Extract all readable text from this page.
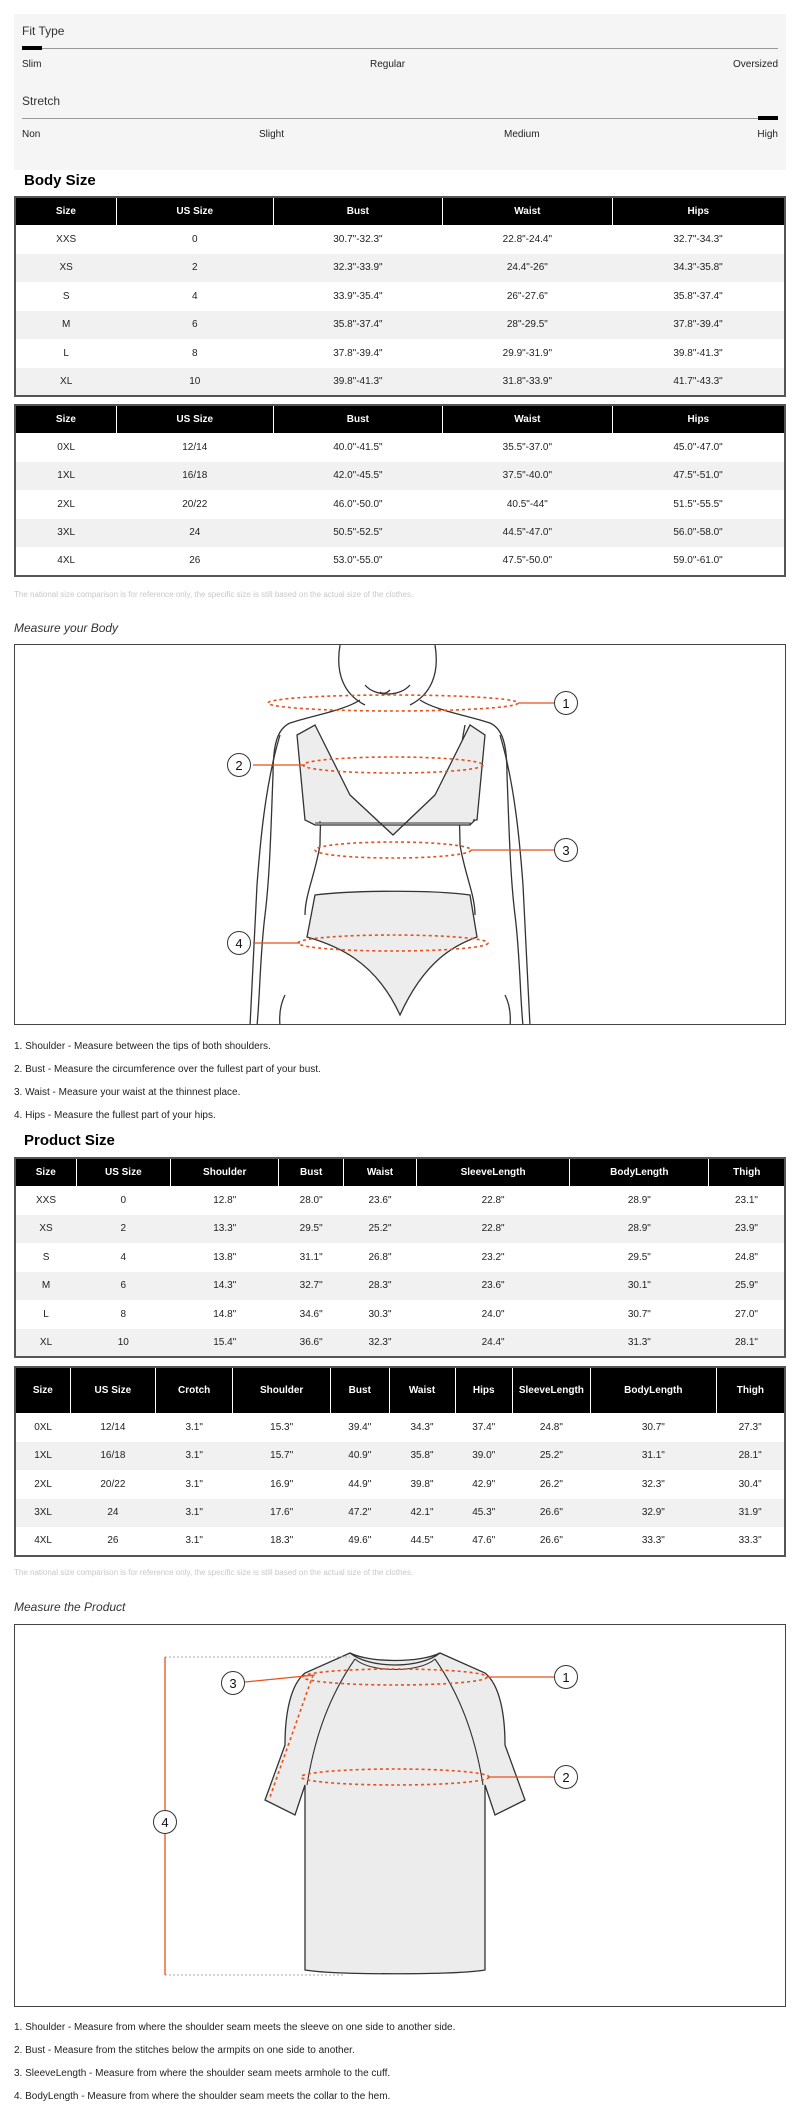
Fit Type
Slim	Regular	Oversized
Stretch
Non	Slight	Medium	High
Body Size
Size	US Size	Bust	Waist	Hips
XXS	0	30.7"-32.3"	22.8"-24.4"	32.7"-34.3"
XS	2	32.3"-33.9"	24.4"-26"	34.3"-35.8"
S	4	33.9"-35.4"	26"-27.6"	35.8"-37.4"
M	6	35.8"-37.4"	28"-29.5"	37.8"-39.4"
L	8	37.8"-39.4"	29.9"-31.9"	39.8"-41.3"
XL	10	39.8"-41.3"	31.8"-33.9"	41.7"-43.3"
Size	US Size	Bust	Waist	Hips
0XL	12/14	40.0"-41.5"	35.5"-37.0"	45.0"-47.0"
1XL	16/18	42.0"-45.5"	37.5"-40.0"	47.5"-51.0"
2XL	20/22	46.0"-50.0"	40.5"-44"	51.5"-55.5"
3XL	24	50.5"-52.5"	44.5"-47.0"	56.0"-58.0"
4XL	26	53.0"-55.0"	47.5"-50.0"	59.0"-61.0"
The national size comparison is for reference only, the specific size is still based on the actual size of the clothes.
Measure your Body
1
2
3
4
1. Shoulder - Measure between the tips of both shoulders.
2. Bust - Measure the circumference over the fullest part of your bust.
3. Waist - Measure your waist at the thinnest place.
4. Hips - Measure the fullest part of your hips.
Product Size
Size	US Size	Shoulder	Bust	Waist	SleeveLength	BodyLength	Thigh
XXS	0	12.8"	28.0"	23.6"	22.8"	28.9"	23.1"
XS	2	13.3"	29.5"	25.2"	22.8"	28.9"	23.9"
S	4	13.8"	31.1"	26.8"	23.2"	29.5"	24.8"
M	6	14.3"	32.7"	28.3"	23.6"	30.1"	25.9"
L	8	14.8"	34.6"	30.3"	24.0"	30.7"	27.0"
XL	10	15.4"	36.6"	32.3"	24.4"	31.3"	28.1"
Size	US Size	Crotch	Shoulder	Bust	Waist	Hips	SleeveLength	BodyLength	Thigh
0XL	12/14	3.1"	15.3"	39.4"	34.3"	37.4"	24.8"	30.7"	27.3"
1XL	16/18	3.1"	15.7"	40.9"	35.8"	39.0"	25.2"	31.1"	28.1"
2XL	20/22	3.1"	16.9"	44.9"	39.8"	42.9"	26.2"	32.3"	30.4"
3XL	24	3.1"	17.6"	47.2"	42.1"	45.3"	26.6"	32.9"	31.9"
4XL	26	3.1"	18.3"	49.6"	44.5"	47.6"	26.6"	33.3"	33.3"
The national size comparison is for reference only, the specific size is still based on the actual size of the clothes.
Measure the Product
1
2
3
4
1. Shoulder - Measure from where the shoulder seam meets the sleeve on one side to another side.
2. Bust - Measure from the stitches below the armpits on one side to another.
3. SleeveLength - Measure from where the shoulder seam meets armhole to the cuff.
4. BodyLength - Measure from where the shoulder seam meets the collar to the hem.
